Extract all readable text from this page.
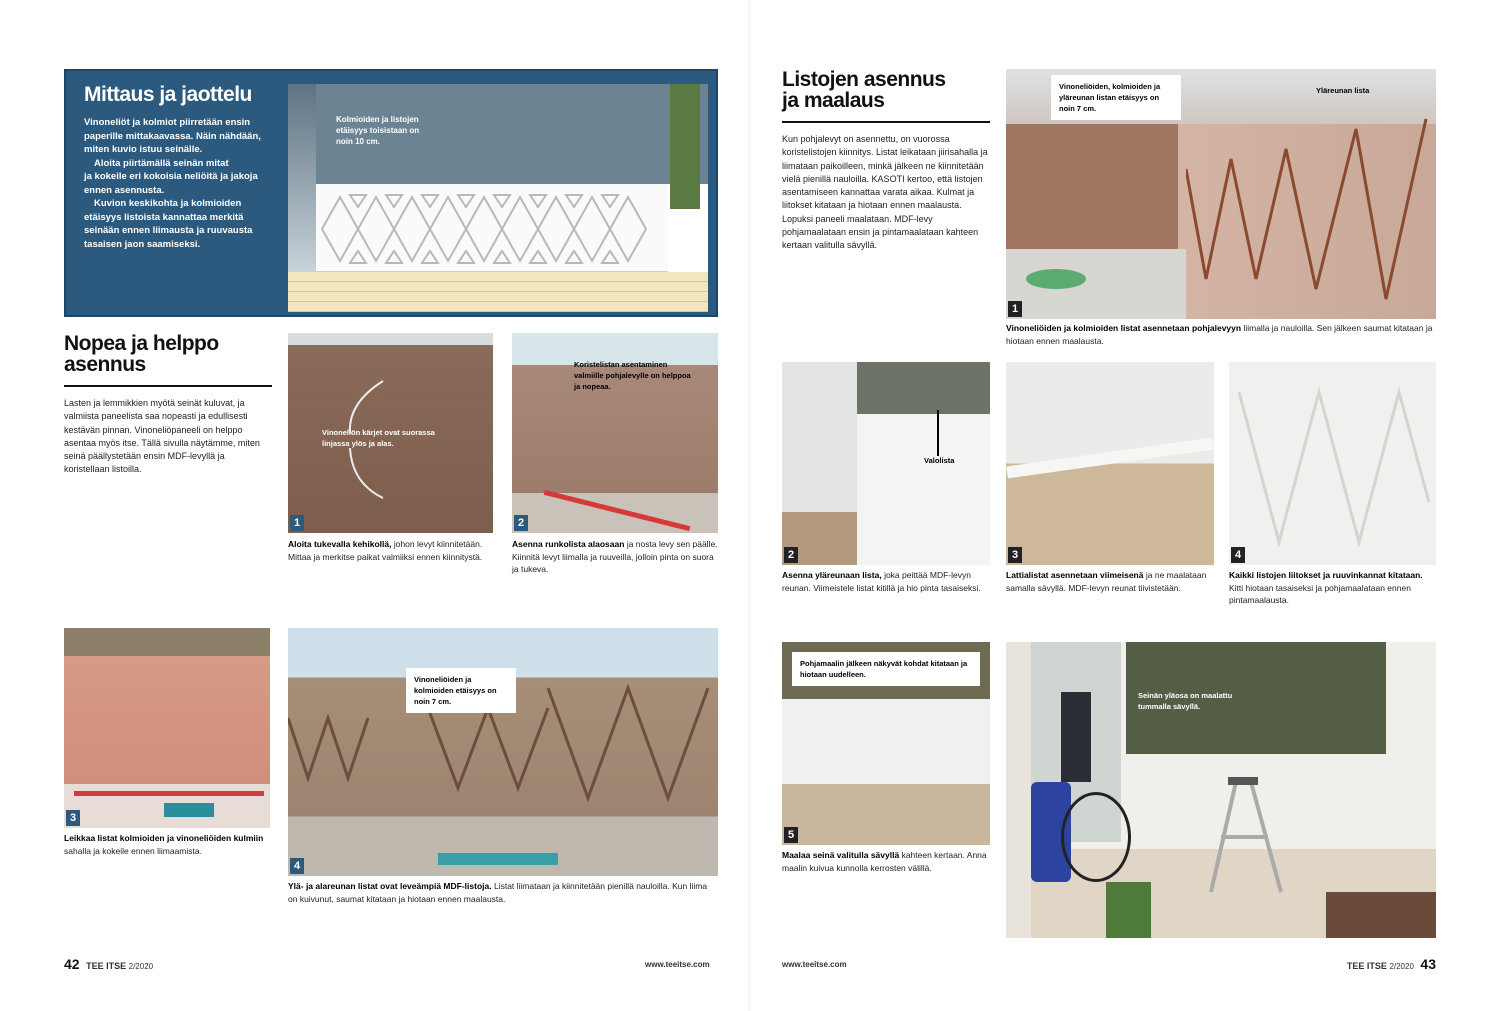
Mittaus ja jaottelu
Vinoneliöt ja kolmiot piirretään ensin
paperille mittakaavassa. Näin nähdään,
miten kuvio istuu seinälle.
Aloita piirtämällä seinän mitat
ja kokeile eri kokoisia neliöitä ja jakoja
ennen asennusta.
Kuvion keskikohta ja kolmioiden
etäisyys listoista kannattaa merkitä
seinään ennen liimausta ja ruuvausta
tasaisen jaon saamiseksi.
Kolmioiden ja listojen etäisyys toisistaan on noin 10 cm.
Nopea ja helppo
asennus

Lasten ja lemmikkien myötä seinät kuluvat, ja valmiista paneelista saa nopeasti ja edullisesti kestävän pinnan. Vinoneliöpaneeli on helppo asentaa myös itse. Tällä sivulla näytämme, miten seinä päällystetään ensin MDF-levyllä ja koristellaan listoilla.

Vinoneliön kärjet ovat suorassa linjassa ylös ja alas.
1
Aloita tukevalla kehikollä, johon levyt kiinnitetään. Mittaa ja merkitse paikat valmiiksi ennen kiinnitystä.
Koristelistan asentaminen valmiille pohjalevylle on helppoa ja nopeaa.
2
Asenna runkolista alaosaan ja nosta levy sen päälle. Kiinnitä levyt liimalla ja ruuveilla, jolloin pinta on suora ja tukeva.
3
Leikkaa listat kolmioiden ja vinoneliöiden kulmiin sahalla ja kokeile ennen liimaamista.
Vinoneliöiden ja kolmioiden etäisyys on noin 7 cm.
4
Ylä- ja alareunan listat ovat leveämpiä MDF-listoja. Listat liimataan ja kiinnitetään pienillä nauloilla. Kun liima on kuivunut, saumat kitataan ja hiotaan ennen maalausta.
42 TEE ITSE 2/2020	www.teeitse.com
Listojen asennus
ja maalaus

Kun pohjalevyt on asennettu, on vuorossa koristelistojen kiinnitys. Listat leikataan jiirisahalla ja liimataan paikoilleen, minkä jälkeen ne kiinnitetään vielä pienillä nauloilla. KASOTI kertoo, että listojen asentamiseen kannattaa varata aikaa. Kulmat ja liitokset kitataan ja hiotaan ennen maalausta. Lopuksi paneeli maalataan. MDF-levy pohjamaalataan ensin ja pintamaalataan kahteen kertaan valitulla sävyllä.

Vinoneliöiden, kolmioiden ja yläreunan listan etäisyys on noin 7 cm.
Yläreunan lista
1
Vinoneliöiden ja kolmioiden listat asennetaan pohjalevyyn liimalla ja nauloilla. Sen jälkeen saumat kitataan ja hiotaan ennen maalausta.
Valolista
2
Asenna yläreunaan lista, joka peittää MDF-levyn reunan. Viimeistele listat kitillä ja hio pinta tasaiseksi.
3
Lattialistat asennetaan viimeisenä ja ne maalataan samalla sävyllä. MDF-levyn reunat tiivistetään.
4
Kaikki listojen liitokset ja ruuvinkannat kitataan. Kitti hiotaan tasaiseksi ja pohjamaalataan ennen pintamaalausta.
Pohjamaalin jälkeen näkyvät kohdat kitataan ja hiotaan uudelleen.
5
Maalaa seinä valitulla sävyllä kahteen kertaan. Anna maalin kuivua kunnolla kerrosten välillä.
Seinän yläosa on maalattu tummalla sävyllä.
www.teeitse.com	TEE ITSE 2/2020 43
